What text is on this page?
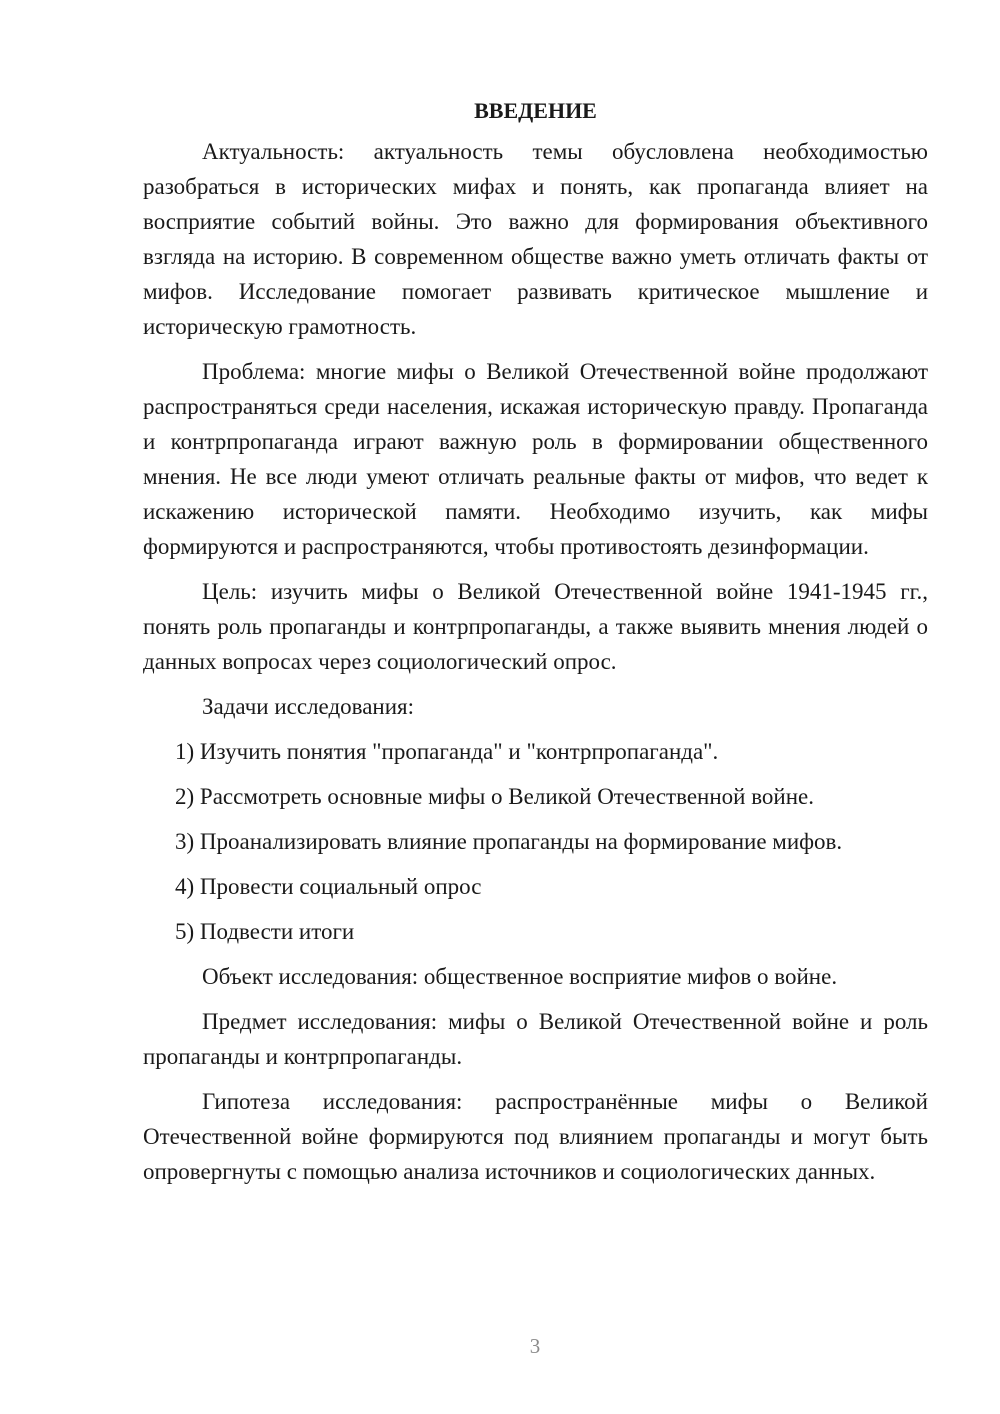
ВВЕДЕНИЕ

Актуальность: актуальность темы обусловлена необходимостью разобраться в исторических мифах и понять, как пропаганда влияет на восприятие событий войны. Это важно для формирования объективного взгляда на историю. В современном обществе важно уметь отличать факты от мифов. Исследование помогает развивать критическое мышление и историческую грамотность.

Проблема: многие мифы о Великой Отечественной войне продолжают распространяться среди населения, искажая историческую правду. Пропаганда и контрпропаганда играют важную роль в формировании общественного мнения. Не все люди умеют отличать реальные факты от мифов, что ведет к искажению исторической памяти. Необходимо изучить, как мифы формируются и распространяются, чтобы противостоять дезинформации.

Цель: изучить мифы о Великой Отечественной войне 1941-1945 гг., понять роль пропаганды и контрпропаганды, а также выявить мнения людей о данных вопросах через социологический опрос.

Задачи исследования:

1) Изучить понятия "пропаганда" и "контрпропаганда".
2) Рассмотреть основные мифы о Великой Отечественной войне.
3) Проанализировать влияние пропаганды на формирование мифов.
4) Провести социальный опрос
5) Подвести итоги

Объект исследования: общественное восприятие мифов о войне.

Предмет исследования: мифы о Великой Отечественной войне и роль пропаганды и контрпропаганды.

Гипотеза исследования: распространённые мифы о Великой Отечественной войне формируются под влиянием пропаганды и могут быть опровергнуты с помощью анализа источников и социологических данных.

3
